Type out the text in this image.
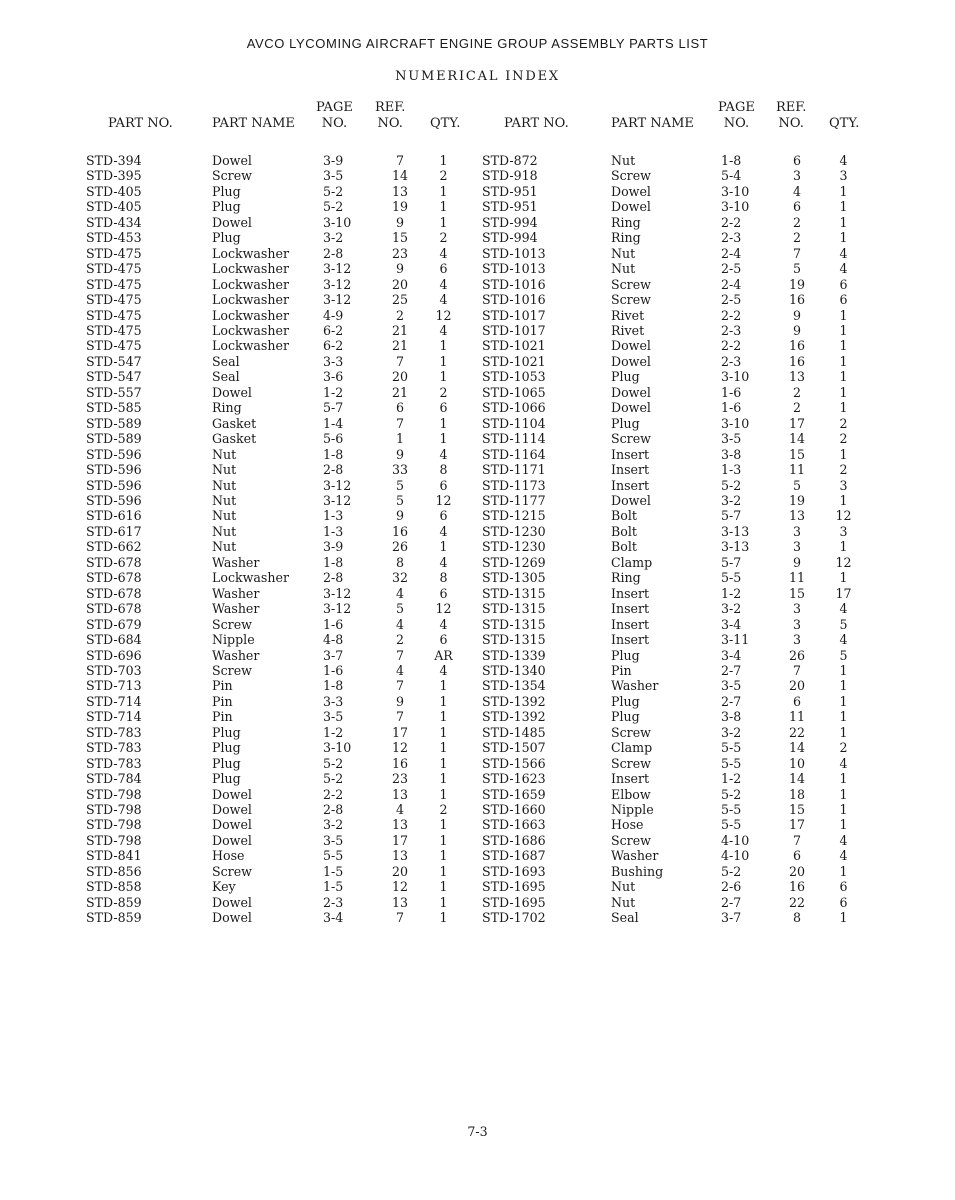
AVCO LYCOMING AIRCRAFT ENGINE GROUP ASSEMBLY PARTS LIST
NUMERICAL INDEX
PART NO.	PART NAME
PAGE
NO.
REF.
NO. QTY.
STD-394	Dowel	3-9	7	1
STD-395	Screw	3-5	14	2
STD-405	Plug	5-2	13	1
STD-405	Plug	5-2	19	1
STD-434	Dowel	3-10	9	1
STD-453	Plug	3-2	15	2
STD-475	Lockwasher	2-8	23	4
STD-475	Lockwasher	3-12	9	6
STD-475	Lockwasher	3-12	20	4
STD-475	Lockwasher	3-12	25	4
STD-475	Lockwasher	4-9	2	12
STD-475	Lockwasher	6-2	21	4
STD-475	Lockwasher	6-2	21	1
STD-547	Seal	3-3	7	1
STD-547	Seal	3-6	20	1
STD-557	Dowel	1-2	21	2
STD-585	Ring	5-7	6	6
STD-589	Gasket	1-4	7	1
STD-589	Gasket	5-6	1	1
STD-596	Nut	1-8	9	4
STD-596	Nut	2-8	33	8
STD-596	Nut	3-12	5	6
STD-596	Nut	3-12	5	12
STD-616	Nut	1-3	9	6
STD-617	Nut	1-3	16	4
STD-662	Nut	3-9	26	1
STD-678	Washer	1-8	8	4
STD-678	Lockwasher	2-8	32	8
STD-678	Washer	3-12	4	6
STD-678	Washer	3-12	5	12
STD-679	Screw	1-6	4	4
STD-684	Nipple	4-8	2	6
STD-696	Washer	3-7	7	AR
STD-703	Screw	1-6	4	4
STD-713	Pin	1-8	7	1
STD-714	Pin	3-3	9	1
STD-714	Pin	3-5	7	1
STD-783	Plug	1-2	17	1
STD-783	Plug	3-10	12	1
STD-783	Plug	5-2	16	1
STD-784	Plug	5-2	23	1
STD-798	Dowel	2-2	13	1
STD-798	Dowel	2-8	4	2
STD-798	Dowel	3-2	13	1
STD-798	Dowel	3-5	17	1
STD-841	Hose	5-5	13	1
STD-856	Screw	1-5	20	1
STD-858	Key	1-5	12	1
STD-859	Dowel	2-3	13	1
STD-859	Dowel	3-4	7	1
PART NO.	PART NAME
PAGE
NO.
REF.
NO. QTY.
STD-872	Nut	1-8	6	4
STD-918	Screw	5-4	3	3
STD-951	Dowel	3-10	4	1
STD-951	Dowel	3-10	6	1
STD-994	Ring	2-2	2	1
STD-994	Ring	2-3	2	1
STD-1013	Nut	2-4	7	4
STD-1013	Nut	2-5	5	4
STD-1016	Screw	2-4	19	6
STD-1016	Screw	2-5	16	6
STD-1017	Rivet	2-2	9	1
STD-1017	Rivet	2-3	9	1
STD-1021	Dowel	2-2	16	1
STD-1021	Dowel	2-3	16	1
STD-1053	Plug	3-10	13	1
STD-1065	Dowel	1-6	2	1
STD-1066	Dowel	1-6	2	1
STD-1104	Plug	3-10	17	2
STD-1114	Screw	3-5	14	2
STD-1164	Insert	3-8	15	1
STD-1171	Insert	1-3	11	2
STD-1173	Insert	5-2	5	3
STD-1177	Dowel	3-2	19	1
STD-1215	Bolt	5-7	13	12
STD-1230	Bolt	3-13	3	3
STD-1230	Bolt	3-13	3	1
STD-1269	Clamp	5-7	9	12
STD-1305	Ring	5-5	11	1
STD-1315	Insert	1-2	15	17
STD-1315	Insert	3-2	3	4
STD-1315	Insert	3-4	3	5
STD-1315	Insert	3-11	3	4
STD-1339	Plug	3-4	26	5
STD-1340	Pin	2-7	7	1
STD-1354	Washer	3-5	20	1
STD-1392	Plug	2-7	6	1
STD-1392	Plug	3-8	11	1
STD-1485	Screw	3-2	22	1
STD-1507	Clamp	5-5	14	2
STD-1566	Screw	5-5	10	4
STD-1623	Insert	1-2	14	1
STD-1659	Elbow	5-2	18	1
STD-1660	Nipple	5-5	15	1
STD-1663	Hose	5-5	17	1
STD-1686	Screw	4-10	7	4
STD-1687	Washer	4-10	6	4
STD-1693	Bushing	5-2	20	1
STD-1695	Nut	2-6	16	6
STD-1695	Nut	2-7	22	6
STD-1702	Seal	3-7	8	1
7-3
